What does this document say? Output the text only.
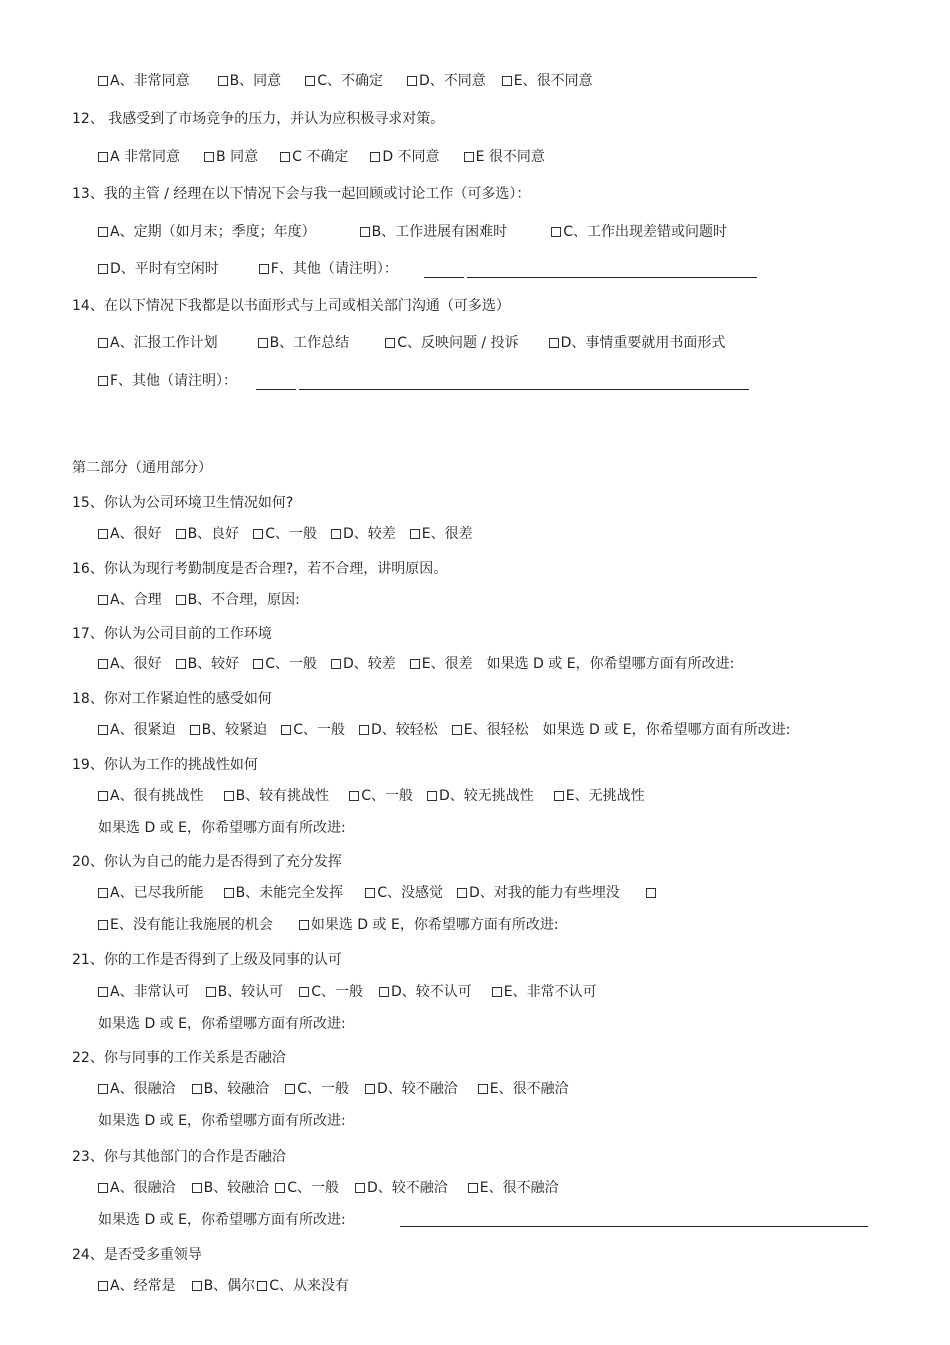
A、非常同意	B、同意	C、不确定	D、不同意 E、很不同意
12、 我感受到了市场竞争的压力，并认为应积极寻求对策。
A 非常同意	B 同意 C 不确定 D 不同意	E 很不同意
13、我的主管 / 经理在以下情况下会与我一起回顾或讨论工作（可多选）：
A、定期（如月末；季度；年度）	B、工作进展有困难时	C、工作出现差错或问题时
D、平时有空闲时	F、其他（请注明）：
14、在以下情况下我都是以书面形式与上司或相关部门沟通（可多选）
A、汇报工作计划	B、工作总结	C、反映问题 / 投诉	D、事情重要就用书面形式
F、其他（请注明）：
第二部分（通用部分）
15、你认为公司环境卫生情况如何?
A、很好 B、良好 C、一般 D、较差 E、很差
16、你认为现行考勤制度是否合理?，若不合理，讲明原因。
A、合理 B、不合理，原因:
17、你认为公司目前的工作环境
A、很好 B、较好 C、一般 D、较差 E、很差 如果选 D 或 E，你希望哪方面有所改进:
18、你对工作紧迫性的感受如何
A、很紧迫 B、较紧迫 C、一般 D、较轻松 E、很轻松 如果选 D 或 E，你希望哪方面有所改进:
19、你认为工作的挑战性如何
A、很有挑战性 B、较有挑战性 C、一般 D、较无挑战性 E、无挑战性
如果选 D 或 E，你希望哪方面有所改进:
20、你认为自己的能力是否得到了充分发挥
A、已尽我所能 B、未能完全发挥 C、没感觉 D、对我的能力有些埋没
E、没有能让我施展的机会	如果选 D 或 E，你希望哪方面有所改进:
21、你的工作是否得到了上级及同事的认可
A、非常认可 B、较认可 C、一般 D、较不认可 E、非常不认可
如果选 D 或 E，你希望哪方面有所改进:
22、你与同事的工作关系是否融洽
A、很融洽 B、较融洽 C、一般 D、较不融洽 E、很不融洽
如果选 D 或 E，你希望哪方面有所改进:
23、你与其他部门的合作是否融洽
A、很融洽 B、较融洽 C、一般 D、较不融洽 E、很不融洽
如果选 D 或 E，你希望哪方面有所改进:
24、是否受多重领导
A、经常是 B、偶尔C、从来没有
